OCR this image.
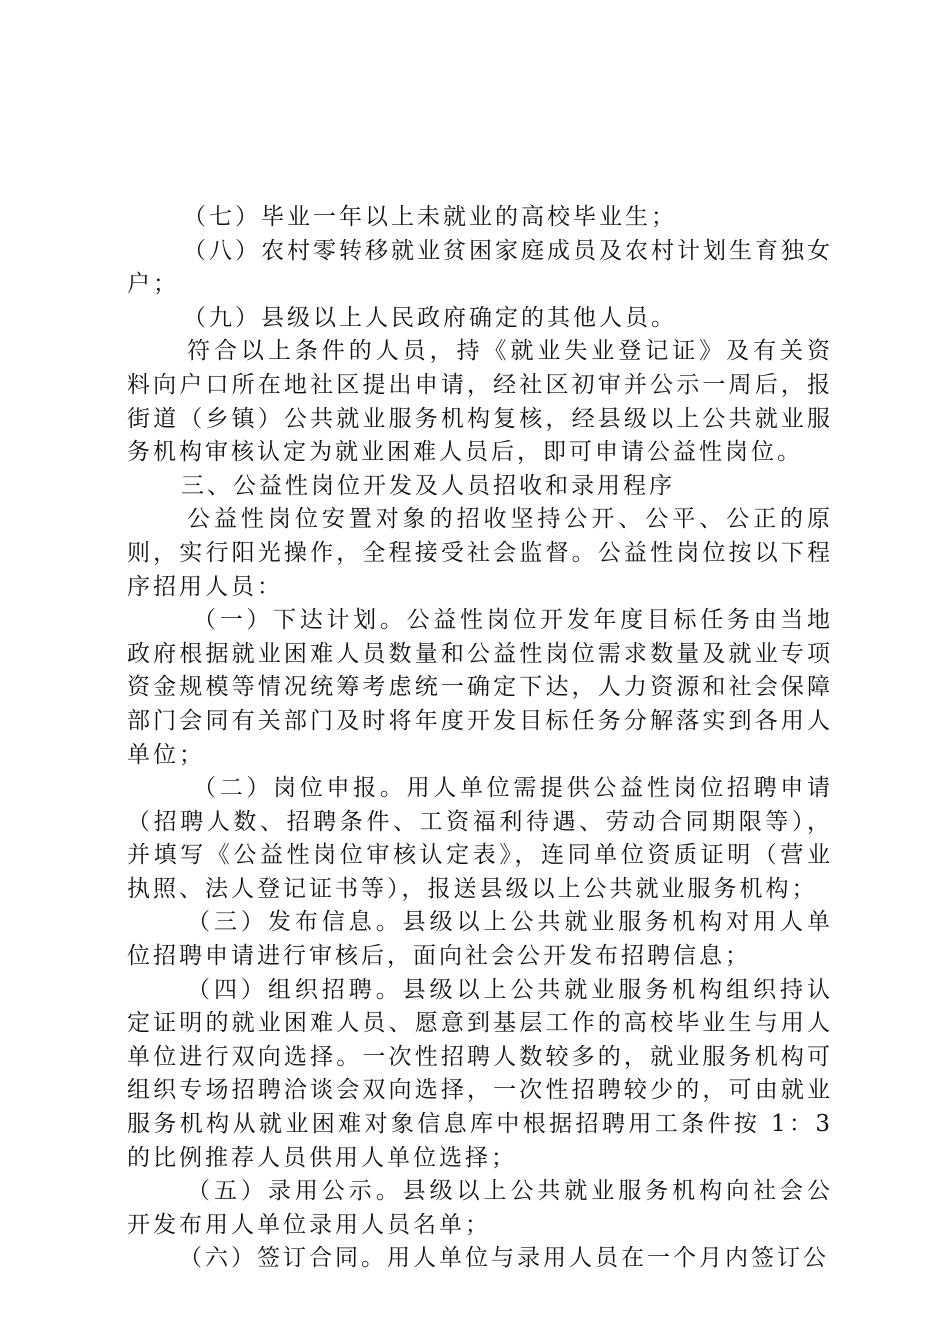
（七）毕业一年以上未就业的高校毕业生；

（八）农村零转移就业贫困家庭成员及农村计划生育独女户；

（九）县级以上人民政府确定的其他人员。

符合以上条件的人员，持《就业失业登记证》及有关资料向户口所在地社区提出申请，经社区初审并公示一周后，报街道（乡镇）公共就业服务机构复核，经县级以上公共就业服务机构审核认定为就业困难人员后，即可申请公益性岗位。

三、公益性岗位开发及人员招收和录用程序

公益性岗位安置对象的招收坚持公开、公平、公正的原则，实行阳光操作，全程接受社会监督。公益性岗位按以下程序招用人员：

（一）下达计划。公益性岗位开发年度目标任务由当地政府根据就业困难人员数量和公益性岗位需求数量及就业专项资金规模等情况统筹考虑统一确定下达，人力资源和社会保障部门会同有关部门及时将年度开发目标任务分解落实到各用人单位；

（二）岗位申报。用人单位需提供公益性岗位招聘申请（招聘人数、招聘条件、工资福利待遇、劳动合同期限等），并填写《公益性岗位审核认定表》，连同单位资质证明（营业执照、法人登记证书等），报送县级以上公共就业服务机构；

（三）发布信息。县级以上公共就业服务机构对用人单位招聘申请进行审核后，面向社会公开发布招聘信息；

（四）组织招聘。县级以上公共就业服务机构组织持认定证明的就业困难人员、愿意到基层工作的高校毕业生与用人单位进行双向选择。一次性招聘人数较多的，就业服务机构可组织专场招聘洽谈会双向选择，一次性招聘较少的，可由就业服务机构从就业困难对象信息库中根据招聘用工条件按 1：3 的比例推荐人员供用人单位选择；

（五）录用公示。县级以上公共就业服务机构向社会公开发布用人单位录用人员名单；

（六）签订合同。用人单位与录用人员在一个月内签订公
